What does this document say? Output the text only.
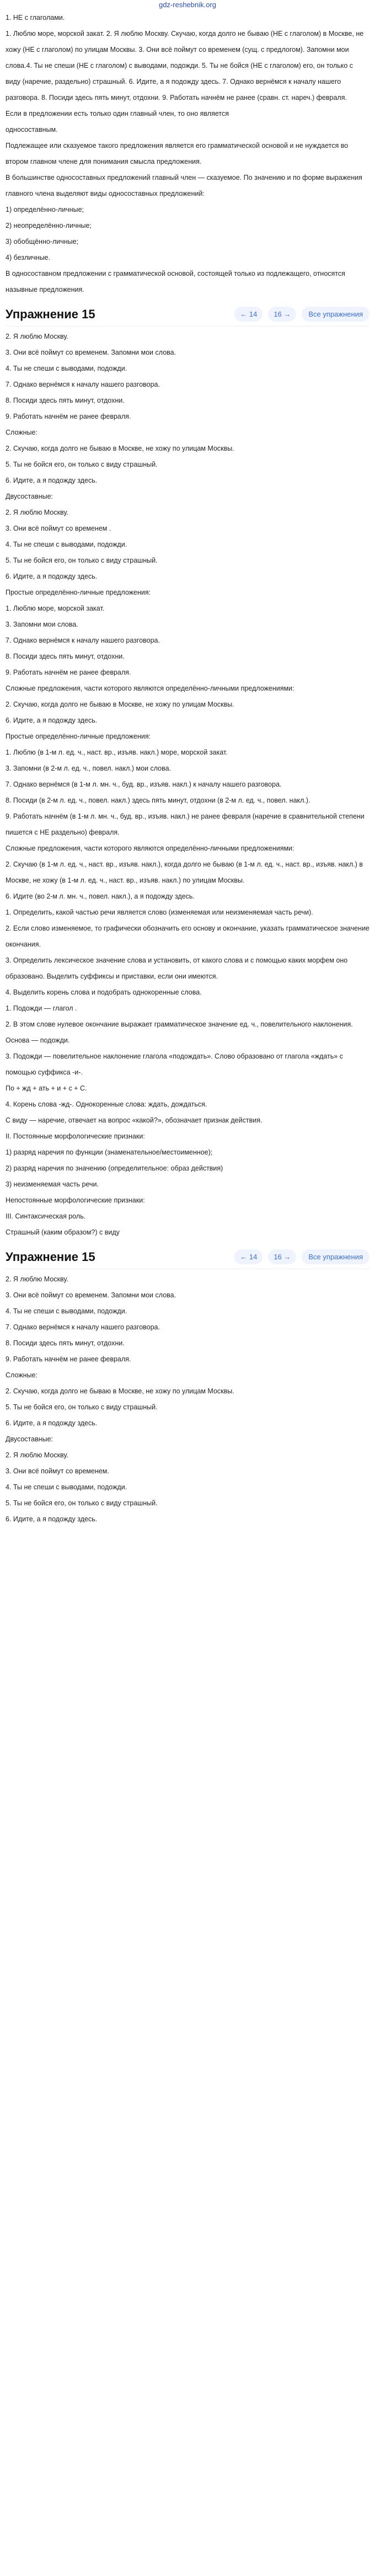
gdz-reshebnik.org
1. НЕ с глаголами.
1. Люблю море, морской закат. 2. Я люблю Москву. Скучаю, когда долго не бываю (НЕ с глаголом) в Москве, не хожу (НЕ с глаголом) по улицам Москвы. 3. Они всё поймут со временем (сущ. с предлогом). Запомни мои слова.4. Ты не спеши (НЕ с глаголом) с выводами, подожди. 5. Ты не бойся (НЕ с глаголом) его, он только с виду (наречие, раздельно) страшный. 6. Идите, а я подожду здесь. 7. Однако вернёмся к началу нашего разговора. 8. Посиди здесь пять минут, отдохни. 9. Работать начнём не ранее (сравн. ст. нареч.) февраля.
Если в предложении есть только один главный член, то оно является
односоставным.
Подлежащее или сказуемое такого предложения является его грамматической основой и не нуждается во втором главном члене для понимания смысла предложения.
В большинстве односоставных предложений главный член — сказуемое. По значению и по форме выражения главного члена выделяют виды односоставных предложений:
1) определённо-личные;
2) неопределённо-личные;
3) обобщённо-личные;
4) безличные.
В односоставном предложении с грамматической основой, состоящей только из подлежащего, относятся назывные предложения.
Упражнение 15	← 14	16 →	Все упражнения
2. Я люблю Москву.
3. Они всё поймут со временем. Запомни мои слова.
4. Ты не спеши с выводами, подожди.
7. Однако вернёмся к началу нашего разговора.
8. Посиди здесь пять минут, отдохни.
9. Работать начнём не ранее февраля.
Сложные:
2. Скучаю, когда долго не бываю в Москве, не хожу по улицам Москвы.
5. Ты не бойся его, он только с виду страшный.
6. Идите, а я подожду здесь.
Двусоставные:
2. Я люблю Москву.
3. Они всё поймут со временем .
4. Ты не спеши с выводами, подожди.
5. Ты не бойся его, он только с виду страшный.
6. Идите, а я подожду здесь.
Простые определённо-личные предложения:
1. Люблю море, морской закат.
3. Запомни мои слова.
7. Однако вернёмся к началу нашего разговора.
8. Посиди здесь пять минут, отдохни.
9. Работать начнём не ранее февраля.
Сложные предложения, части которого являются определённо-личными предложениями:
2. Скучаю, когда долго не бываю в Москве, не хожу по улицам Москвы.
6. Идите, а я подожду здесь.
Простые определённо-личные предложения:
1. Люблю (в 1-м л. ед. ч., наст. вр., изъяв. накл.) море, морской закат.
3. Запомни (в 2-м л. ед. ч., повел. накл.) мои слова.
7. Однако вернёмся (в 1-м л. мн. ч., буд. вр., изъяв. накл.) к началу нашего разговора.
8. Посиди (в 2-м л. ед. ч., повел. накл.) здесь пять минут, отдохни (в 2-м л. ед. ч., повел. накл.).
9. Работать начнём (в 1-м л. мн. ч., буд. вр., изъяв. накл.) не ранее февраля (наречие в сравнительной степени пишется с НЕ раздельно) февраля.
Сложные предложения, части которого являются определённо-личными предложениями:
2. Скучаю (в 1-м л. ед. ч., наст. вр., изъяв. накл.), когда долго не бываю (в 1-м л. ед. ч., наст. вр., изъяв. накл.) в Москве, не хожу (в 1-м л. ед. ч., наст. вр., изъяв. накл.) по улицам Москвы.
6. Идите (во 2-м л. мн. ч., повел. накл.), а я подожду здесь.
1. Определить, какой частью речи является слово (изменяемая или неизменяемая часть речи).
2. Если слово изменяемое, то графически обозначить его основу и окончание, указать грамматическое значение окончания.
3. Определить лексическое значение слова и установить, от какого слова и с помощью каких морфем оно образовано. Выделить суффиксы и приставки, если они имеются.
4. Выделить корень слова и подобрать однокоренные слова.
1. Подожди — глагол .
2. В этом слове нулевое окончание выражает грамматическое значение ед. ч., повелительного наклонения. Основа — подожди.
3. Подожди — повелительное наклонение глагола «подождать». Слово образовано от глагола «ждать» с помощью суффикса -и-.
По + жд + ать + и + с + С.
4. Корень слова -жд-. Однокоренные слова: ждать, дождаться.
С виду — наречие, отвечает на вопрос «какой?», обозначает признак действия.
II. Постоянные морфологические признаки:
1) разряд наречия по функции (знаменательное/местоименное);
2) разряд наречия по значению (определительное: образ действия)
3) неизменяемая часть речи.
Непостоянные морфологические признаки:
III. Синтаксическая роль.
Страшный (каким образом?) с виду
Упражнение 15	← 14	16 →	Все упражнения
2. Я люблю Москву.
3. Они всё поймут со временем. Запомни мои слова.
4. Ты не спеши с выводами, подожди.
7. Однако вернёмся к началу нашего разговора.
8. Посиди здесь пять минут, отдохни.
9. Работать начнём не ранее февраля.
Сложные:
2. Скучаю, когда долго не бываю в Москве, не хожу по улицам Москвы.
5. Ты не бойся его, он только с виду страшный.
6. Идите, а я подожду здесь.
Двусоставные:
2. Я люблю Москву.
3. Они всё поймут со временем.
4. Ты не спеши с выводами, подожди.
5. Ты не бойся его, он только с виду страшный.
6. Идите, а я подожду здесь.
